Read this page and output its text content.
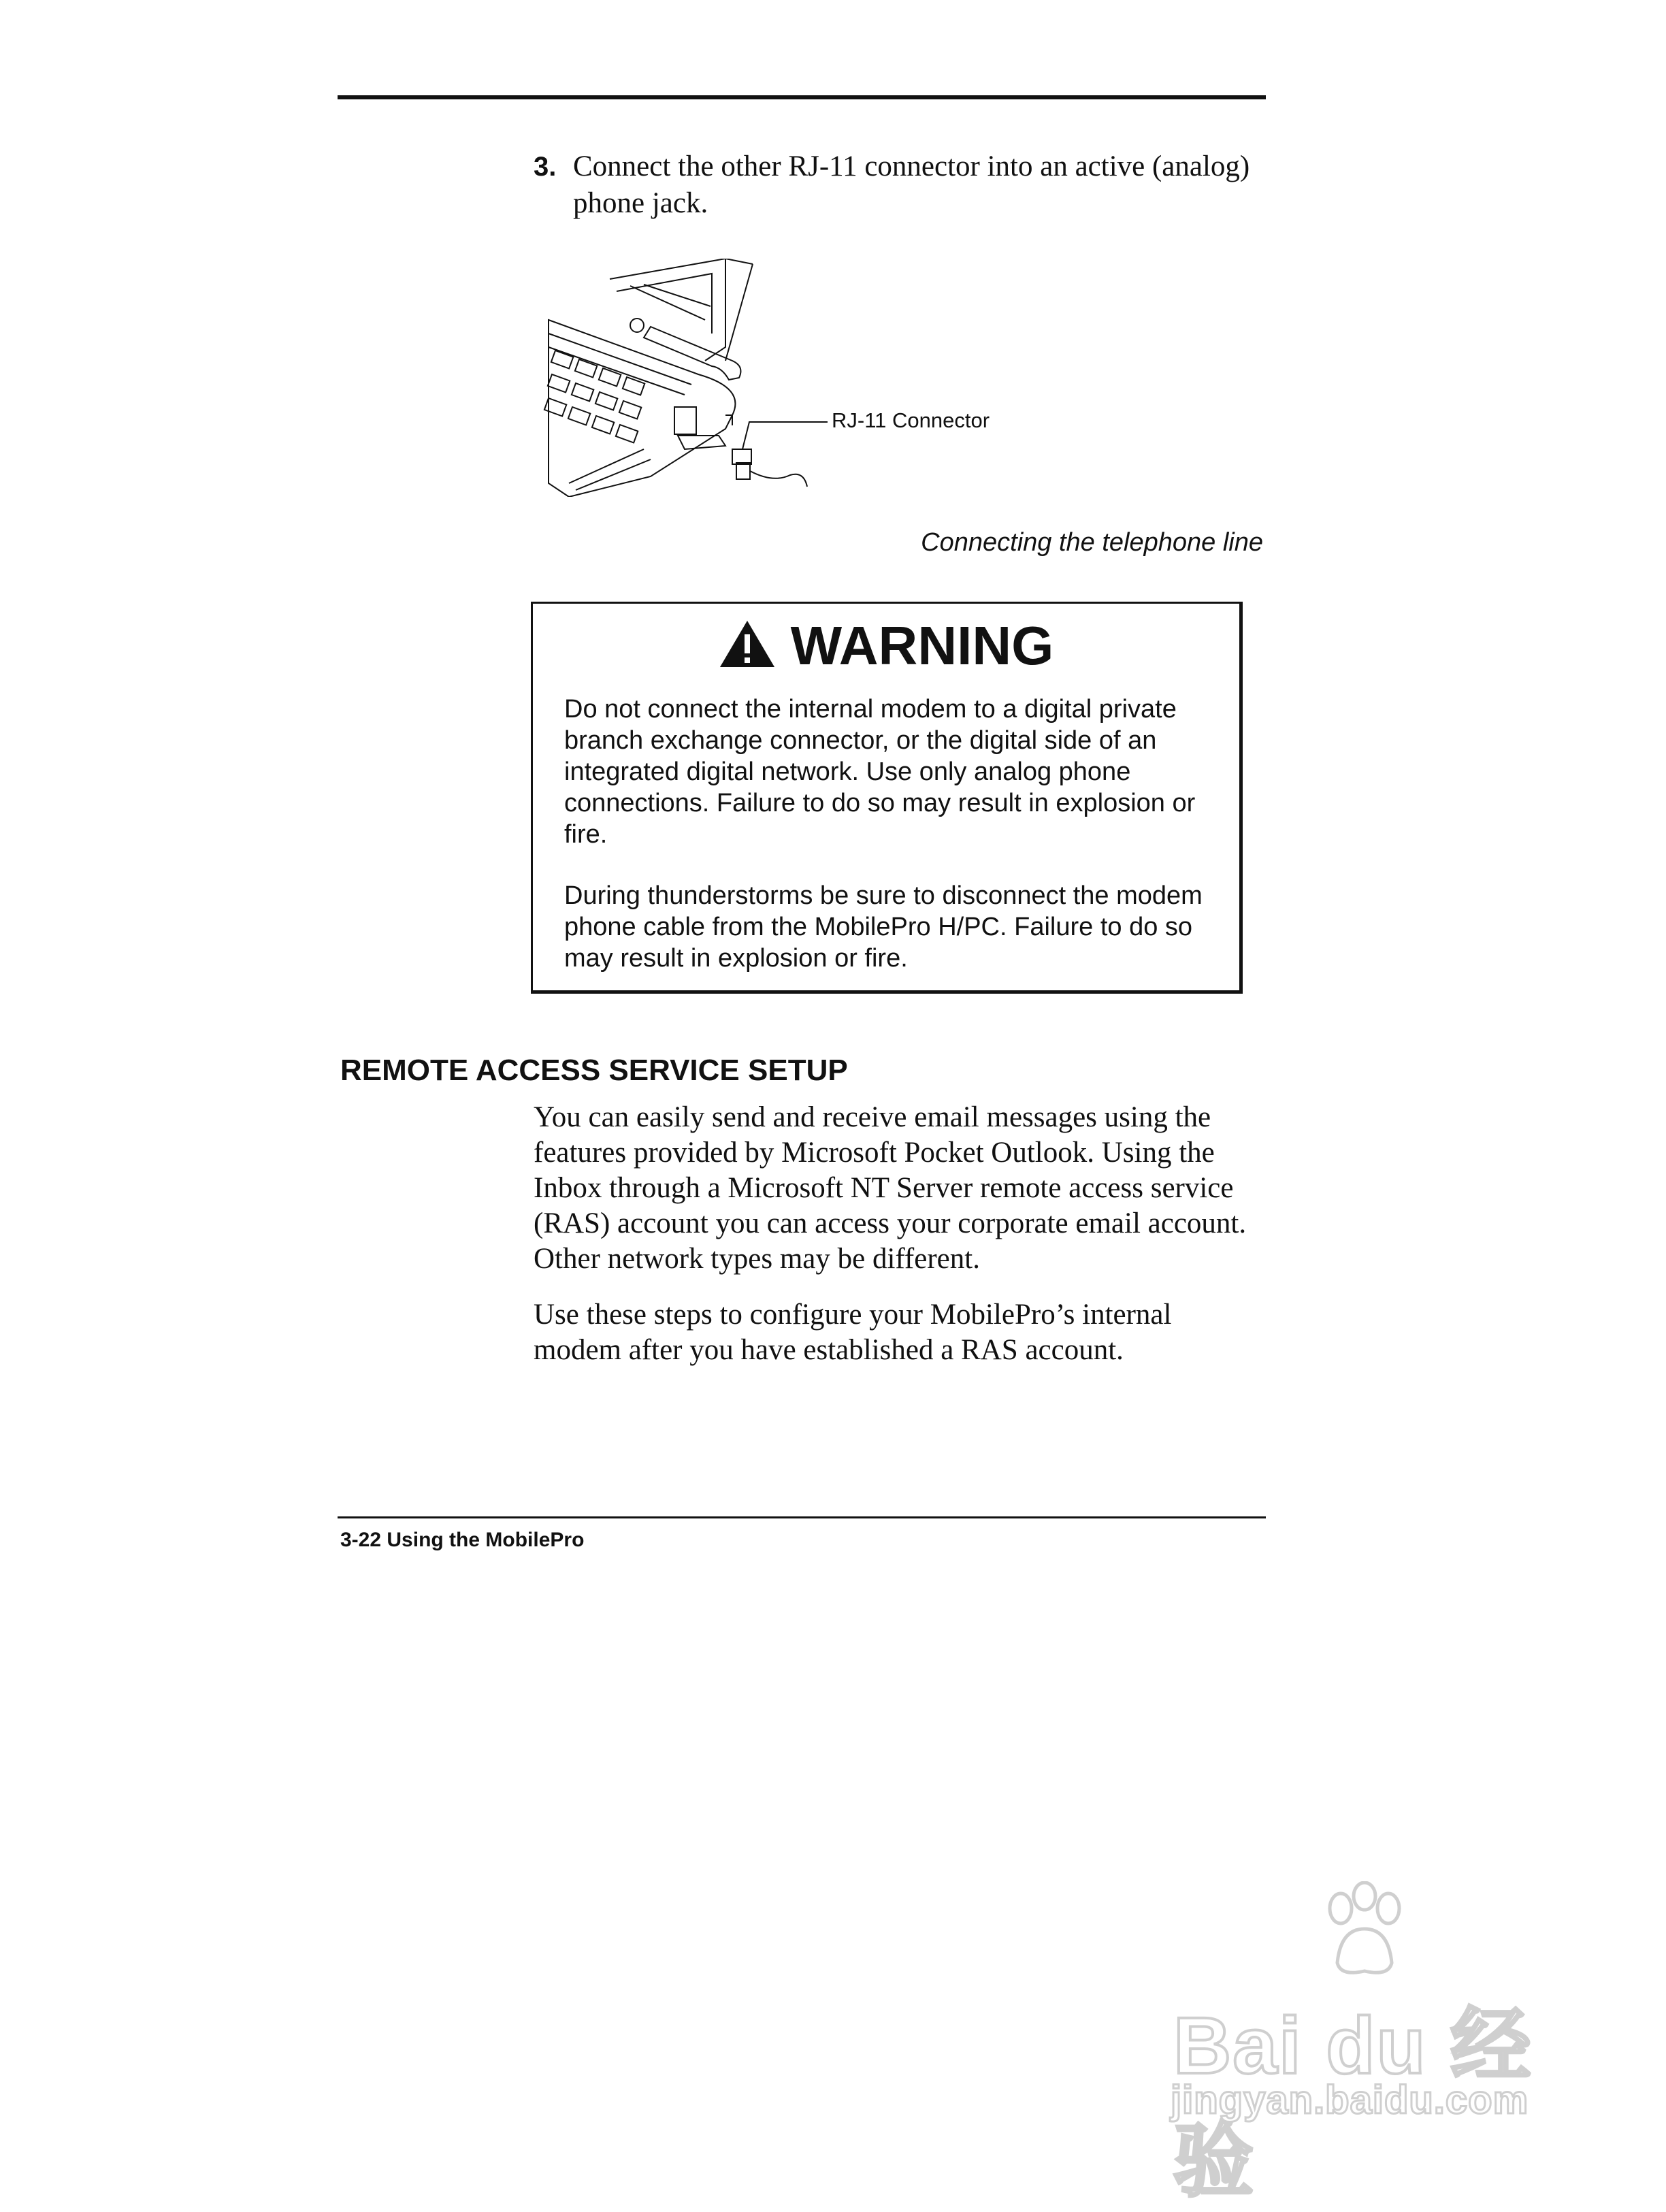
3. Connect the other RJ-11 connector into an active (analog) phone jack.
RJ-11 Connector
Connecting the telephone line
WARNING
Do not connect the internal modem to a digital private branch exchange connector, or the digital side of an integrated digital network. Use only analog phone connections. Failure to do so may result in explosion or fire.
During thunderstorms be sure to disconnect the modem phone cable from the MobilePro H/PC. Failure to do so may result in explosion or fire.
REMOTE ACCESS SERVICE SETUP
You can easily send and receive email messages using the features provided by Microsoft Pocket Outlook. Using the Inbox through a Microsoft NT Server remote access service (RAS) account you can access your corporate email account. Other network types may be different.
Use these steps to configure your MobilePro’s internal modem after you have established a RAS account.
3-22 Using the MobilePro
Bai du 经验
jingyan.baidu.com
